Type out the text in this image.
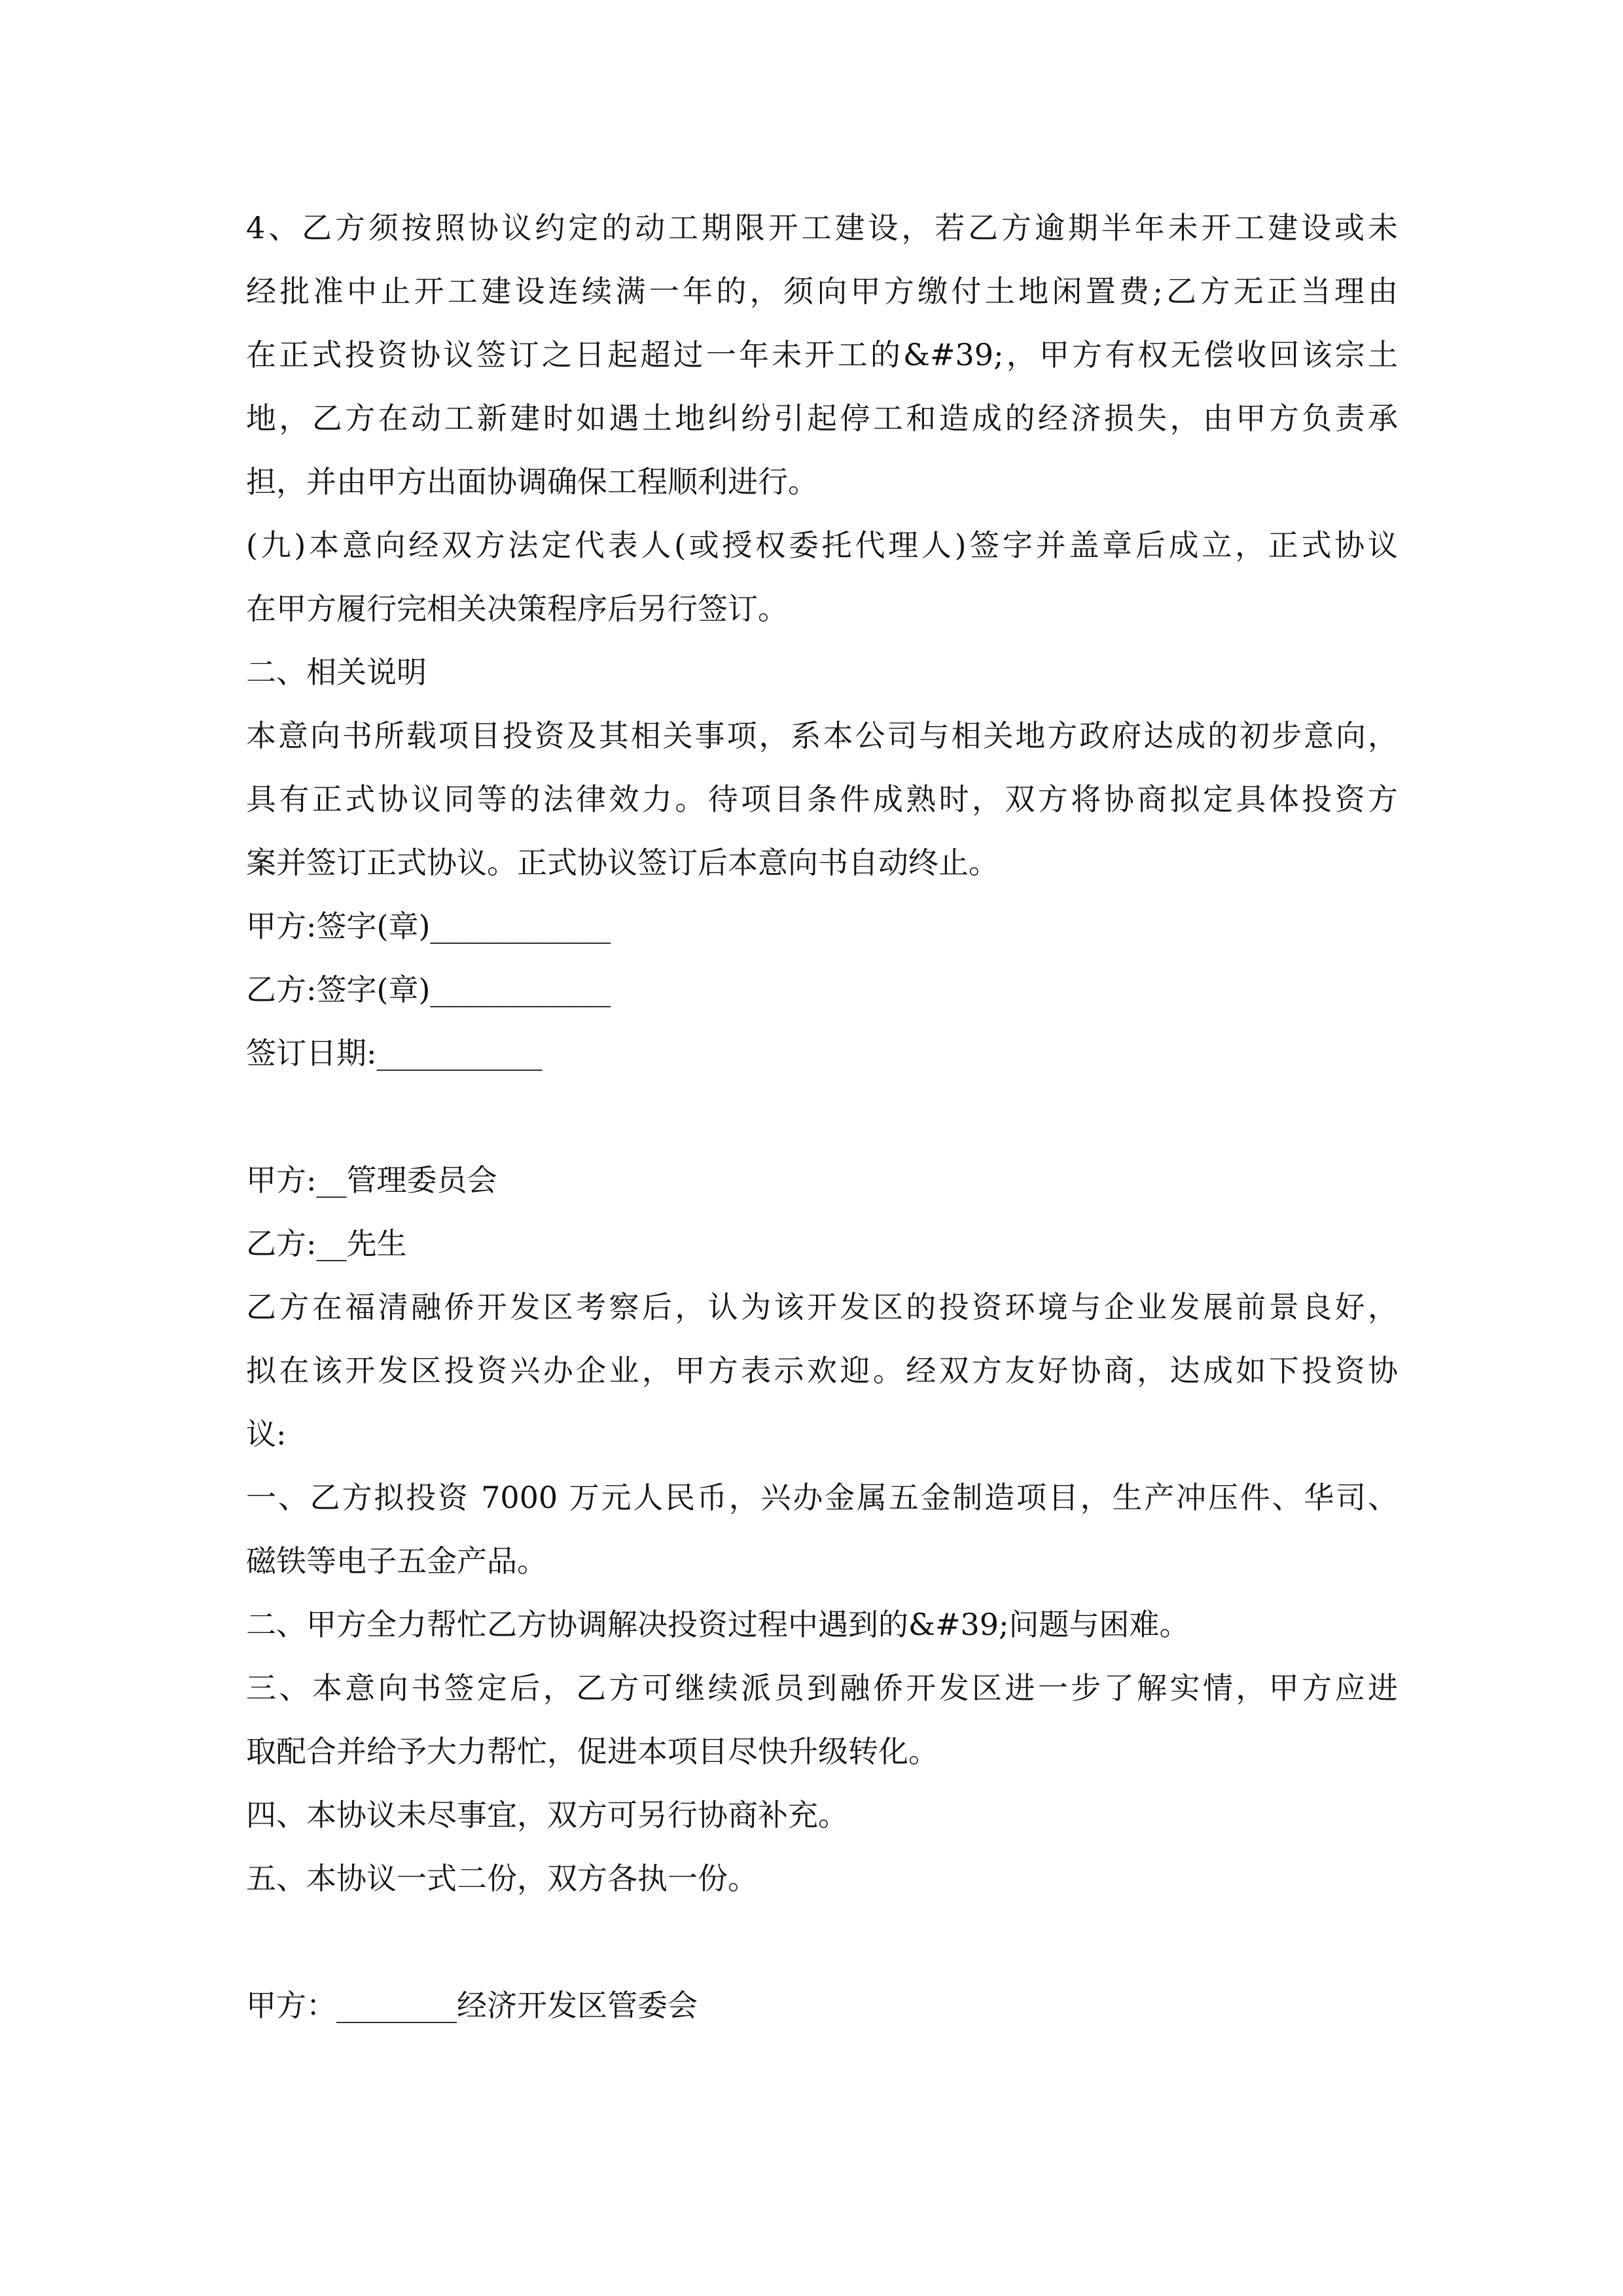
4、乙方须按照协议约定的动工期限开工建设，若乙方逾期半年未开工建设或未
经批准中止开工建设连续满一年的，须向甲方缴付土地闲置费;乙方无正当理由
在正式投资协议签订之日起超过一年未开工的&#39;，甲方有权无偿收回该宗土
地，乙方在动工新建时如遇土地纠纷引起停工和造成的经济损失，由甲方负责承
担，并由甲方出面协调确保工程顺利进行。
(九)本意向经双方法定代表人(或授权委托代理人)签字并盖章后成立，正式协议
在甲方履行完相关决策程序后另行签订。
二、相关说明
本意向书所载项目投资及其相关事项，系本公司与相关地方政府达成的初步意向，
具有正式协议同等的法律效力。待项目条件成熟时，双方将协商拟定具体投资方
案并签订正式协议。正式协议签订后本意向书自动终止。
甲方:签字(章)____________
乙方:签字(章)____________
签订日期:___________
甲方:__管理委员会
乙方:__先生
乙方在福清融侨开发区考察后，认为该开发区的投资环境与企业发展前景良好，
拟在该开发区投资兴办企业，甲方表示欢迎。经双方友好协商，达成如下投资协
议:
一、乙方拟投资 7000 万元人民币，兴办金属五金制造项目，生产冲压件、华司、
磁铁等电子五金产品。
二、甲方全力帮忙乙方协调解决投资过程中遇到的&#39;问题与困难。
三、本意向书签定后，乙方可继续派员到融侨开发区进一步了解实情，甲方应进
取配合并给予大力帮忙，促进本项目尽快升级转化。
四、本协议未尽事宜，双方可另行协商补充。
五、本协议一式二份，双方各执一份。
甲方：________经济开发区管委会
